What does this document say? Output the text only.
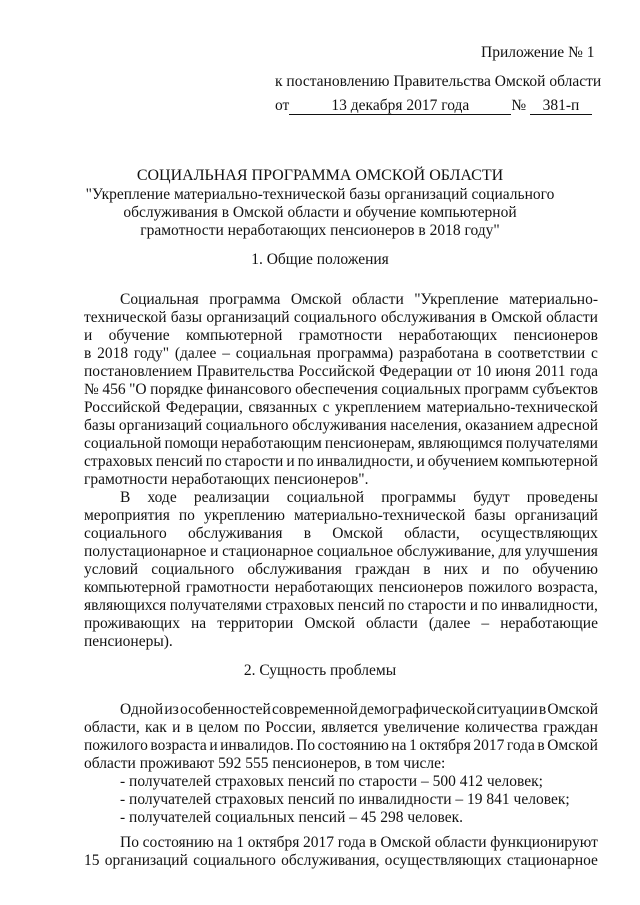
Приложение № 1
к постановлению Правительства Омской области
от	13 декабря 2017 года	№ 381-п
СОЦИАЛЬНАЯ ПРОГРАММА ОМСКОЙ ОБЛАСТИ
"Укрепление материально-технической базы организаций социального
обслуживания в Омской области и обучение компьютерной
грамотности неработающих пенсионеров в 2018 году"
1. Общие положения
Социальная программа Омской области "Укрепление материально-
технической базы организаций социального обслуживания в Омской области
и обучение компьютерной грамотности неработающих пенсионеров
в 2018 году" (далее – социальная программа) разработана в соответствии с
постановлением Правительства Российской Федерации от 10 июня 2011 года
№ 456 "О порядке финансового обеспечения социальных программ субъектов
Российской Федерации, связанных с укреплением материально-технической
базы организаций социального обслуживания населения, оказанием адресной
социальной помощи неработающим пенсионерам, являющимся получателями
страховых пенсий по старости и по инвалидности, и обучением компьютерной
грамотности неработающих пенсионеров".
В ходе реализации социальной программы будут проведены
мероприятия по укреплению материально-технической базы организаций
социального обслуживания в Омской области, осуществляющих
полустационарное и стационарное социальное обслуживание, для улучшения
условий социального обслуживания граждан в них и по обучению
компьютерной грамотности неработающих пенсионеров пожилого возраста,
являющихся получателями страховых пенсий по старости и по инвалидности,
проживающих на территории Омской области (далее – неработающие
пенсионеры).
2. Сущность проблемы
Одной из особенностей современной демографической ситуации в Омской
области, как и в целом по России, является увеличение количества граждан
пожилого возраста и инвалидов. По состоянию на 1 октября 2017 года в Омской
области проживают 592 555 пенсионеров, в том числе:
- получателей страховых пенсий по старости – 500 412 человек;
- получателей страховых пенсий по инвалидности – 19 841 человек;
- получателей социальных пенсий – 45 298 человек.
По состоянию на 1 октября 2017 года в Омской области функционируют
15 организаций социального обслуживания, осуществляющих стационарное
